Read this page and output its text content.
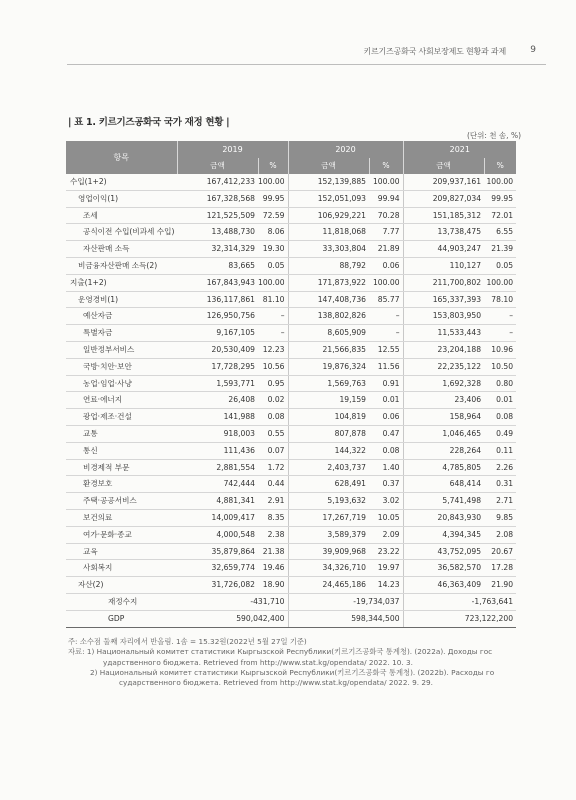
키르기즈공화국 사회보장제도 현황과 과제	9
| 표 1. 키르기즈공화국 국가 재정 현황 |
(단위: 천 솜, %)
항목	2019		2020		2021	
	금액	%	금액	%	금액	%
수입(1+2)	167,412,233	100.00	152,139,885	100.00	209,937,161	100.00
영업이익(1)	167,328,568	99.95	152,051,093	99.94	209,827,034	99.95
조세	121,525,509	72.59	106,929,221	70.28	151,185,312	72.01
공식이전 수입(비과세 수입)	13,488,730	8.06	11,818,068	7.77	13,738,475	6.55
자산판매 소득	32,314,329	19.30	33,303,804	21.89	44,903,247	21.39
비금융자산판매 소득(2)	83,665	0.05	88,792	0.06	110,127	0.05
지출(1+2)	167,843,943	100.00	171,873,922	100.00	211,700,802	100.00
운영경비(1)	136,117,861	81.10	147,408,736	85.77	165,337,393	78.10
예산자금	126,950,756	–	138,802,826	–	153,803,950	–
특별자금	9,167,105	–	8,605,909	–	11,533,443	–
일반정부서비스	20,530,409	12.23	21,566,835	12.55	23,204,188	10.96
국방·치안·보안	17,728,295	10.56	19,876,324	11.56	22,235,122	10.50
농업·임업·사냥	1,593,771	0.95	1,569,763	0.91	1,692,328	0.80
연료·에너지	26,408	0.02	19,159	0.01	23,406	0.01
광업·제조·건설	141,988	0.08	104,819	0.06	158,964	0.08
교통	918,003	0.55	807,878	0.47	1,046,465	0.49
통신	111,436	0.07	144,322	0.08	228,264	0.11
비경제적 부문	2,881,554	1.72	2,403,737	1.40	4,785,805	2.26
환경보호	742,444	0.44	628,491	0.37	648,414	0.31
주택·공공서비스	4,881,341	2.91	5,193,632	3.02	5,741,498	2.71
보건의료	14,009,417	8.35	17,267,719	10.05	20,843,930	9.85
여가·문화·종교	4,000,548	2.38	3,589,379	2.09	4,394,345	2.08
교육	35,879,864	21.38	39,909,968	23.22	43,752,095	20.67
사회복지	32,659,774	19.46	34,326,710	19.97	36,582,570	17.28
자산(2)	31,726,082	18.90	24,465,186	14.23	46,363,409	21.90
재정수지	-431,710		-19,734,037		-1,763,641	
GDP	590,042,400		598,344,500		723,122,200	

주: 소수점 둘째 자리에서 반올림. 1솜 = 15.32원(2022년 5월 27일 기준)

자료: 1) Национальный комитет статистики Кыргызской Республики(키르기즈공화국 통계청). (2022a). Доходы гос

ударственного бюджета. Retrieved from http://www.stat.kg/opendata/ 2022. 10. 3.

2) Национальный комитет статистики Кыргызской Республики(키르기즈공화국 통계청). (2022b). Расходы го

сударственного бюджета. Retrieved from http://www.stat.kg/opendata/ 2022. 9. 29.
